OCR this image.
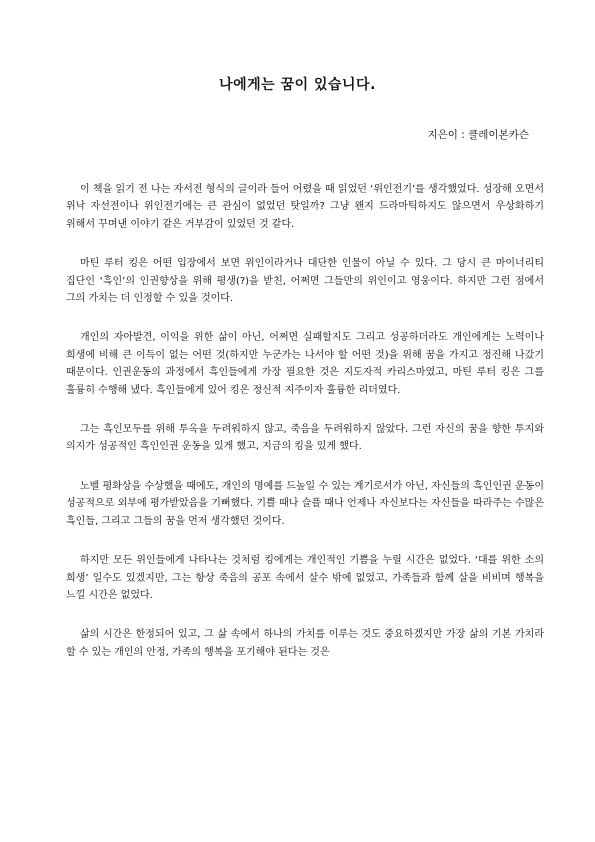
나에게는 꿈이 있습니다.
지은이 : 클레이본카슨

이 책을 읽기 전 나는 자서전 형식의 글이라 들어 어렸을 때 읽었던 ‘위인전기’를 생각했었다. 성장해 오면서 위낙 자선전이나 위인전기에는 큰 관심이 없었던 탓일까? 그냥 왠지 드라마틱하지도 않으면서 우상화하기 위해서 꾸며낸 이야기 같은 거부감이 있었던 것 같다.

마틴 루터 킹은 어떤 입장에서 보면 위인이라거나 대단한 인물이 아닐 수 있다. 그 당시 큰 마이너리티 집단인 ‘흑인’의 인권향상을 위해 평생(?)을 받친, 어쩌면 그들만의 위인이고 영웅이다. 하지만 그런 점에서 그의 가치는 더 인정할 수 있을 것이다.

개인의 자아발견, 이익을 위한 삶이 아닌, 어쩌면 실패할지도 그리고 성공하더라도 개인에게는 노력이나 희생에 비해 큰 이득이 없는 어떤 것(하지만 누군가는 나서야 할 어떤 것)을 위해 꿈을 가지고 정진해 나갔기 때문이다. 인권운동의 과정에서 흑인들에게 가장 필요한 것은 지도자적 카리스마였고, 마틴 루터 킹은 그를 훌륭히 수행해 냈다. 흑인들에게 있어 킹은 정신적 지주이자 훌륭한 리더였다.

그는 흑인모두를 위해 투옥을 두려워하지 않고, 죽음을 두려워하지 않았다. 그런 자신의 꿈을 향한 투지와 의지가 성공적인 흑인인권 운동을 있게 했고, 지금의 킹을 있게 했다.

노벨 평화상을 수상했을 때에도, 개인의 명예를 드높일 수 있는 계기로서가 아닌, 자신들의 흑인인권 운동이 성공적으로 외부에 평가받았음을 기뻐했다. 기쁠 때나 슬플 때나 언제나 자신보다는 자신들을 따라주는 수많은 흑인들, 그리고 그들의 꿈을 먼저 생각했던 것이다.

하지만 모든 위인들에게 나타나는 것처럼 킹에게는 개인적인 기쁨을 누릴 시간은 없었다. ‘대를 위한 소의 희생’ 일수도 있겠지만, 그는 항상 죽음의 공포 속에서 살수 밖에 없었고, 가족들과 함께 살을 비비며 행복을 느낄 시간은 없었다.

삶의 시간은 한정되어 있고, 그 삶 속에서 하나의 가치를 이루는 것도 중요하겠지만 가장 삶의 기본 가치라 할 수 있는 개인의 안정, 가족의 행복을 포기해야 된다는 것은
